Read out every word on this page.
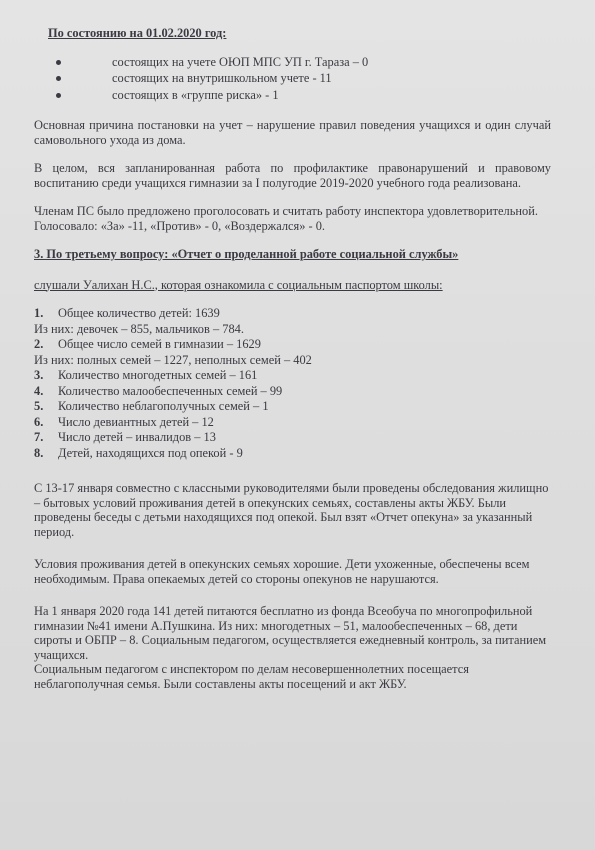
По состоянию на 01.02.2020 год:

состоящих на учете ОЮП МПС УП г. Тараза – 0
состоящих на внутришкольном учете - 11
состоящих в «группе риска» - 1

Основная причина постановки на учет – нарушение правил поведения учащихся и один случай самовольного ухода из дома.

В целом, вся запланированная работа по профилактике правонарушений и правовому воспитанию среди учащихся гимназии за I полугодие 2019-2020 учебного года реализована.

Членам ПС было предложено проголосовать и считать работу инспектора удовлетворительной.

Голосовало: «За» -11, «Против» - 0, «Воздержался» - 0.

3. По третьему вопросу: «Отчет о проделанной работе социальной службы»

слушали Уалихан Н.С., которая ознакомила с социальным паспортом школы:

1.	Общее количество детей: 1639
Из них: девочек – 855, мальчиков – 784.
2.	Общее число семей в гимназии – 1629
Из них: полных семей – 1227, неполных семей – 402
3.	Количество многодетных семей – 161
4.	Количество малообеспеченных семей – 99
5.	Количество неблагополучных семей – 1
6.	Число девиантных детей – 12
7.	Число детей – инвалидов – 13
8.	Детей, находящихся под опекой - 9

С 13-17 января совместно с классными руководителями были проведены обследования жилищно – бытовых условий проживания детей в опекунских семьях, составлены акты ЖБУ. Были проведены беседы с детьми находящихся под опекой. Был взят «Отчет опекуна» за указанный период.

Условия проживания детей в опекунских семьях хорошие. Дети ухоженные, обеспечены всем необходимым. Права опекаемых детей со стороны опекунов не нарушаются.

На 1 января 2020 года 141 детей питаются бесплатно из фонда Всеобуча по многопрофильной гимназии №41 имени А.Пушкина. Из них: многодетных – 51, малообеспеченных – 68, дети сироты и ОБПР – 8. Социальным педагогом, осуществляется ежедневный контроль, за питанием учащихся.

Социальным педагогом с инспектором по делам несовершеннолетних посещается неблагополучная семья. Были составлены акты посещений и акт ЖБУ.
